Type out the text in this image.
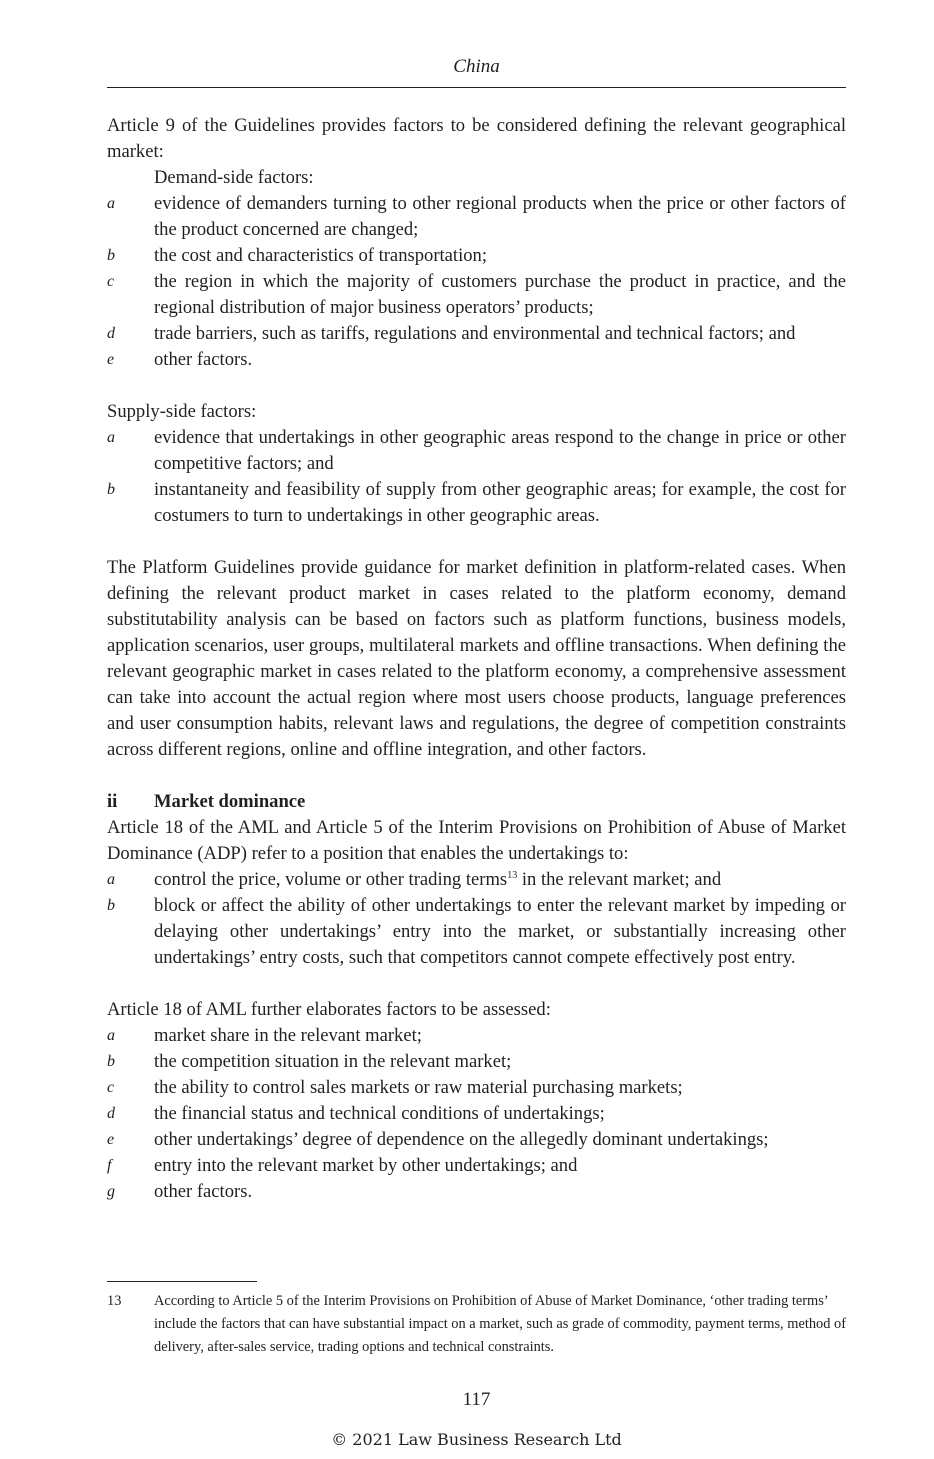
China

Article 9 of the Guidelines provides factors to be considered defining the relevant geographical market:

Demand-side factors:

a	evidence of demanders turning to other regional products when the price or other factors of the product concerned are changed;
b	the cost and characteristics of transportation;
c	the region in which the majority of customers purchase the product in practice, and the regional distribution of major business operators’ products;
d	trade barriers, such as tariffs, regulations and environmental and technical factors; and
e	other factors.

Supply-side factors:

a	evidence that undertakings in other geographic areas respond to the change in price or other competitive factors; and
b	instantaneity and feasibility of supply from other geographic areas; for example, the cost for costumers to turn to undertakings in other geographic areas.

The Platform Guidelines provide guidance for market definition in platform-related cases. When defining the relevant product market in cases related to the platform economy, demand substitutability analysis can be based on factors such as platform functions, business models, application scenarios, user groups, multilateral markets and offline transactions. When defining the relevant geographic market in cases related to the platform economy, a comprehensive assessment can take into account the actual region where most users choose products, language preferences and user consumption habits, relevant laws and regulations, the degree of competition constraints across different regions, online and offline integration, and other factors.

ii	Market dominance

Article 18 of the AML and Article 5 of the Interim Provisions on Prohibition of Abuse of Market Dominance (ADP) refer to a position that enables the undertakings to:

a	control the price, volume or other trading terms$^{13}$ in the relevant market; and
b	block or affect the ability of other undertakings to enter the relevant market by impeding or delaying other undertakings’ entry into the market, or substantially increasing other undertakings’ entry costs, such that competitors cannot compete effectively post entry.

Article 18 of AML further elaborates factors to be assessed:

a	market share in the relevant market;
b	the competition situation in the relevant market;
c	the ability to control sales markets or raw material purchasing markets;
d	the financial status and technical conditions of undertakings;
e	other undertakings’ degree of dependence on the allegedly dominant undertakings;
f	entry into the relevant market by other undertakings; and
g	other factors.
13	According to Article 5 of the Interim Provisions on Prohibition of Abuse of Market Dominance, ‘other trading terms’ include the factors that can have substantial impact on a market, such as grade of commodity, payment terms, method of delivery, after-sales service, trading options and technical constraints.
117
© 2021 Law Business Research Ltd
